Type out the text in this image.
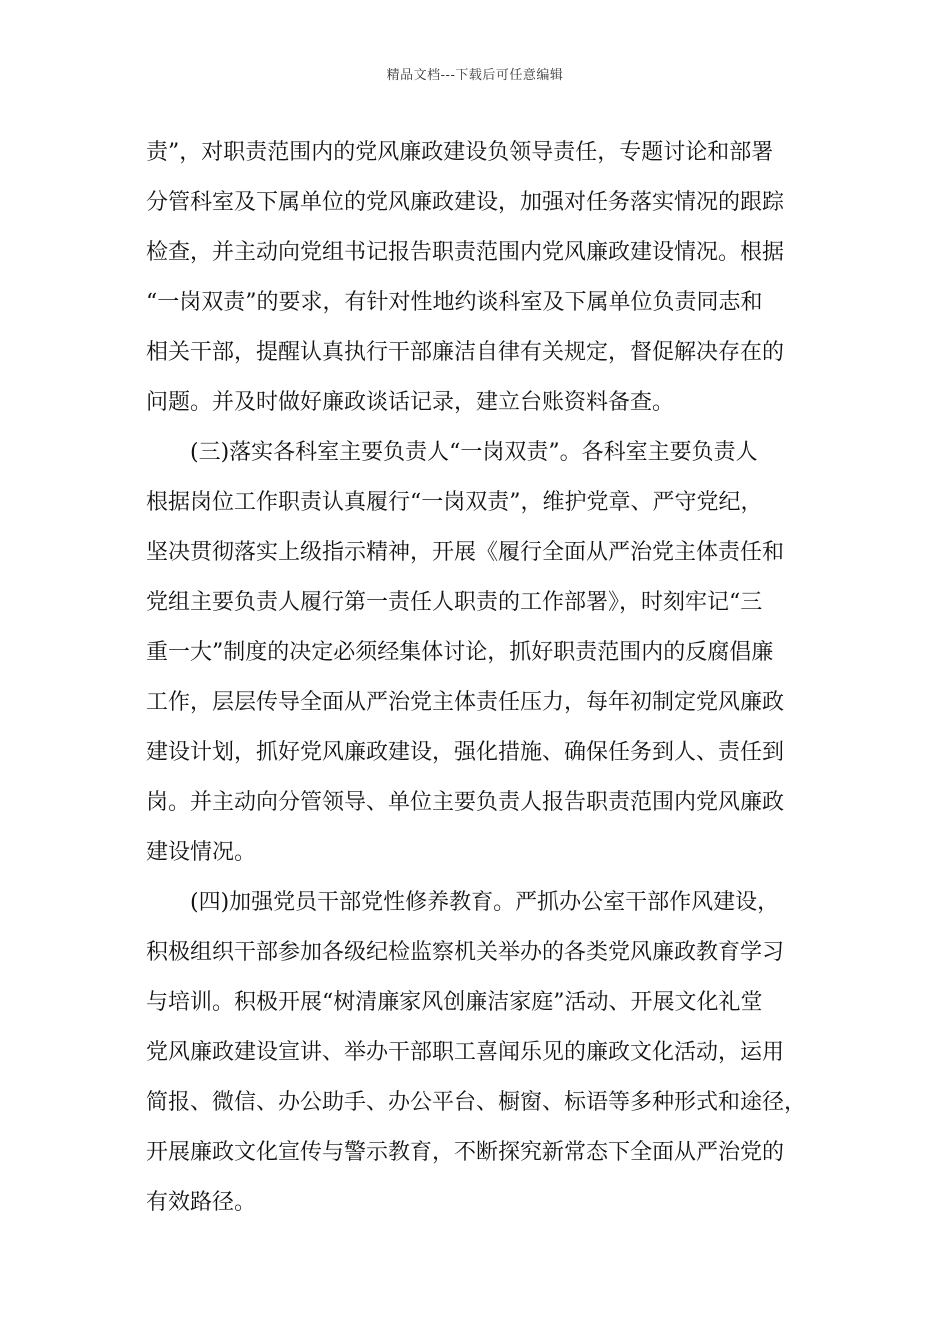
精品文档---下载后可任意编辑
责”，对职责范围内的党风廉政建设负领导责任，专题讨论和部署
分管科室及下属单位的党风廉政建设，加强对任务落实情况的跟踪
检查，并主动向党组书记报告职责范围内党风廉政建设情况。根据
“一岗双责”的要求，有针对性地约谈科室及下属单位负责同志和
相关干部，提醒认真执行干部廉洁自律有关规定，督促解决存在的
问题。并及时做好廉政谈话记录，建立台账资料备查。
(三)落实各科室主要负责人“一岗双责”。各科室主要负责人
根据岗位工作职责认真履行“一岗双责”，维护党章、严守党纪，
坚决贯彻落实上级指示精神，开展《履行全面从严治党主体责任和
党组主要负责人履行第一责任人职责的工作部署》，时刻牢记“三
重一大”制度的决定必须经集体讨论，抓好职责范围内的反腐倡廉
工作，层层传导全面从严治党主体责任压力，每年初制定党风廉政
建设计划，抓好党风廉政建设，强化措施、确保任务到人、责任到
岗。并主动向分管领导、单位主要负责人报告职责范围内党风廉政
建设情况。
(四)加强党员干部党性修养教育。严抓办公室干部作风建设，
积极组织干部参加各级纪检监察机关举办的各类党风廉政教育学习
与培训。积极开展“树清廉家风创廉洁家庭”活动、开展文化礼堂
党风廉政建设宣讲、举办干部职工喜闻乐见的廉政文化活动，运用
简报、微信、办公助手、办公平台、橱窗、标语等多种形式和途径，
开展廉政文化宣传与警示教育，不断探究新常态下全面从严治党的
有效路径。
